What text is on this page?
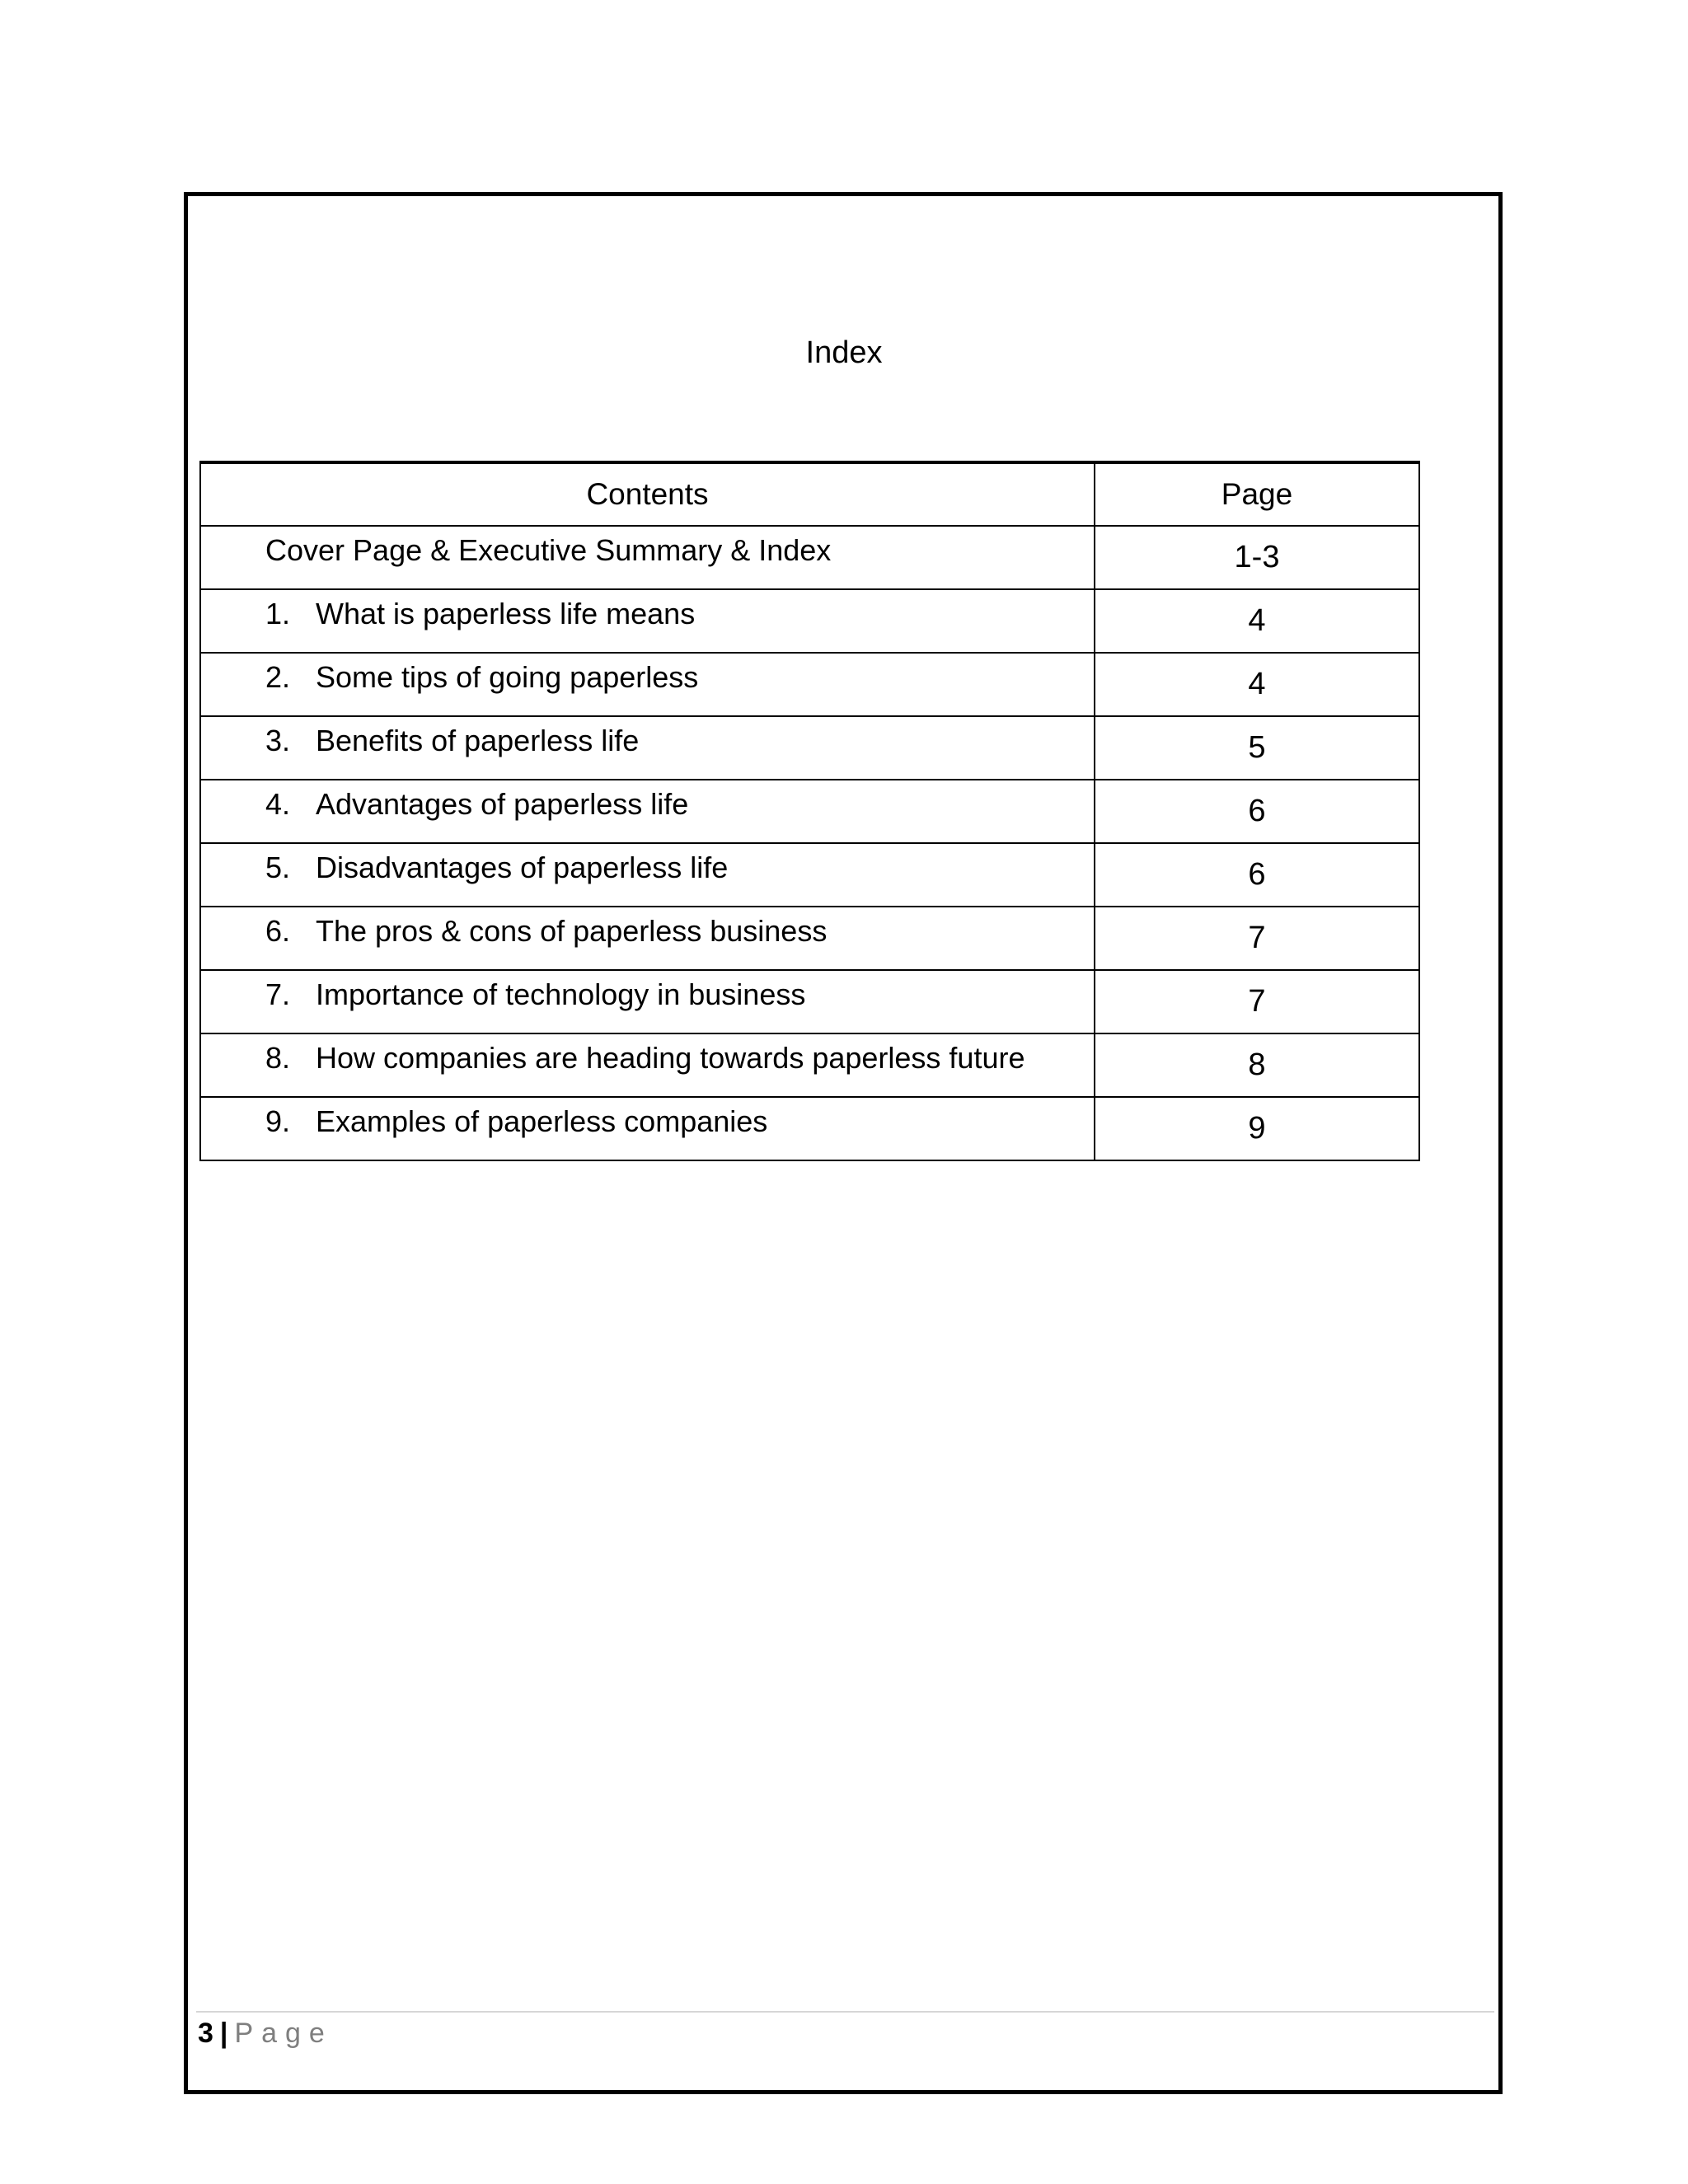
Index
Contents	Page
Cover Page & Executive Summary & Index	1-3
1. What is paperless life means	4
2. Some tips of going paperless	4
3. Benefits of paperless life	5
4. Advantages of paperless life	6
5. Disadvantages of paperless life	6
6. The pros & cons of paperless business	7
7. Importance of technology in business	7
8. How companies are heading towards paperless future	8
9. Examples of paperless companies	9
3 | Page
